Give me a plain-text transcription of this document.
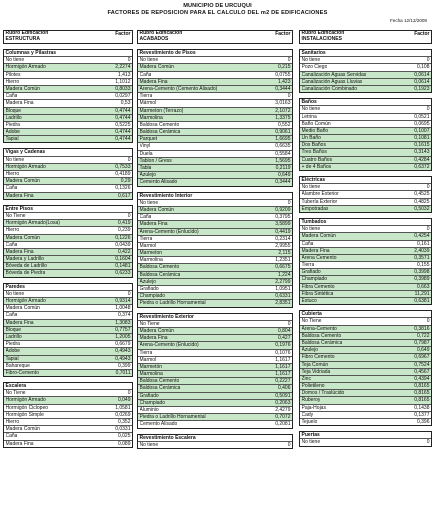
MUNICIPIO DE URCUQUI
FACTORES DE REPOSICION PARA EL CALCULO DEL m2 DE EDIFICACIONES
Fecha 12/12/2009
Rubro Edificación
ESTRUCTURA
Factor
Columnas y Pilastras
No tiene	0
Hormigón Armado	2,2274
Pilotes	1,413
Hierro	1,1012
Madera Común	0,8033
Caña	0,0297
Madera Fina	0,53
Bloque	0,4744
Ladrillo	0,4744
Piedra	0,5225
Adobe	0,4744
Tapial	0,4744
Vigas y Cadenas
No tiene	0
Hormigón Armado	0,7533
Hierro	0,4189
Madera Común	0,29
Caña	0,1326
Madera Fina	0,617
Entre Pisos
No Tiene	0
Hormigón Armado(Losa)	0,419
Hierro	0,239
Madera Común	0,1226
Caña	0,0439
Madera Fina	0,422
Madera y Ladrillo	0,1604
Bóveda de Ladrillo	0,1481
Bóveda de Piedra	0,6233
Paredes
No tiene	0
Hormigón Armado	0,9314
Madera Común	1,0048
Caña	0,374
Madera Fina	1,3083
Bloque	0,7757
Ladrillo	1,2005
Piedra	0,6679
Adobe	0,4943
Tapial	0,4943
Bahareque	0,399
Fibro-Cemento	0,7011
Escalera
No Tiene	0
Hormigón Armado	0,049
Hormigón Ciclopeo	1,0581
Hormigón Simple	0,0269
Hierro	0,352
Madera Común	0,0331
Caña	0,025
Madera Fina	0,089
Rubro Edificación
ACABADOS
Factor
Revestimiento de Pisos
No tiene	0
Madera Común	0,215
Caña	0,0755
Madera Fina	1,423
Arena-Cemento (Cemento Alisado)	0,3444
Tierra	0
Mármol	3,0163
Marmeton (Terrazo)	2,1072
Marmolina	1,3375
Baldosa Cemento	0,552
Baldosa Cerámica	0,9061
Parquet	1,6695
Vinyl	0,6635
Duela	0,5584
Tablon / Gress	1,5695
Tabla	0,2119
Azulejo	0,649
Cemento Alisado	0,3444
Revestimiento Interior
No tiene	0
Madera Común	0,9209
Caña	0,3795
Madera Fina	3,5899
Arena-Cemento (Enlucido)	0,4419
Tierra	0,2314
Marmol	2,9955
Marmeton	2,115
Marmolina	1,2351
Baldosa Cemento	0,6675
Baldosa Cerámica	1,224
Azulejo	2,2799
Grafiado	1,0951
Champiado	0,6331
Piedra o Ladrillo Hornamental	2,8351
Revestimiento Exterior
No Tiene	0
Madera Común	0,804
Madera Fina	0,427
Arena-Cemento (Enlucido)	0,1976
Tierra	0,1076
Marmol	1,1617
Marmetón	1,1617
Marmolina	1,1617
Baldosa Cemento	0,2227
Baldosa Cerámica	0,406
Grafiado	0,5091
Champiado	0,2063
Aluminio	2,4279
Piedra o Ladrillo Hornamental	0,7072
Cemento Alisado	0,2081
Revestimiento Escalera
No tiene	0
Rubro Edificación
INSTALACIONES
Factor
Sanitarios
No tiene	0
Pozo Ciego	0,108
Canalización Aguas Servidas	0,0614
Canalización Aguas Lluvias	0,0614
Canalización Combinado	0,1923
Baños
No tiene	0
Letrina	0,0521
Baño Común	0,0695
Medio Baño	0,1007
Un Baño	0,1081
Dos Baños	0,1615
Tres Baños	0,3143
Cuatro Baños	0,4284
+ de 4 Baños	0,6372
Eléctricas
No tiene	0
Alambre Exterior	0,4525
Tubería Exterior	0,4825
Empotradas	0,5032
Tumbados
No tiene	0
Madera Común	0,4254
Caña	0,161
Madera Fina	2,4039
Arena Cemento	0,3571
Tierra	0,155
Grafiado	0,3998
Champiado	0,3989
Fibra Cemento	0,663
Fibra Sintética	11,291
Estuco	0,6381
Cubierta
No Tiene	0
Arena-Cemento	0,3816
Baldosa Cemento	0,722
Baldosa Cerámica	0,7987
Azulejo	0,649
Fibro Cemento	0,6967
Teja Común	0,7524
Teja Vidriada	0,4567
Zinc	0,4394
Polietileno	0,8165
Domos / Traslúcido	0,8165
Ruberoy	0,8165
Paja-Hojas	0,1438
Cady	0,1377
Tejuelo	0,396
Puertas
No tiene	0
